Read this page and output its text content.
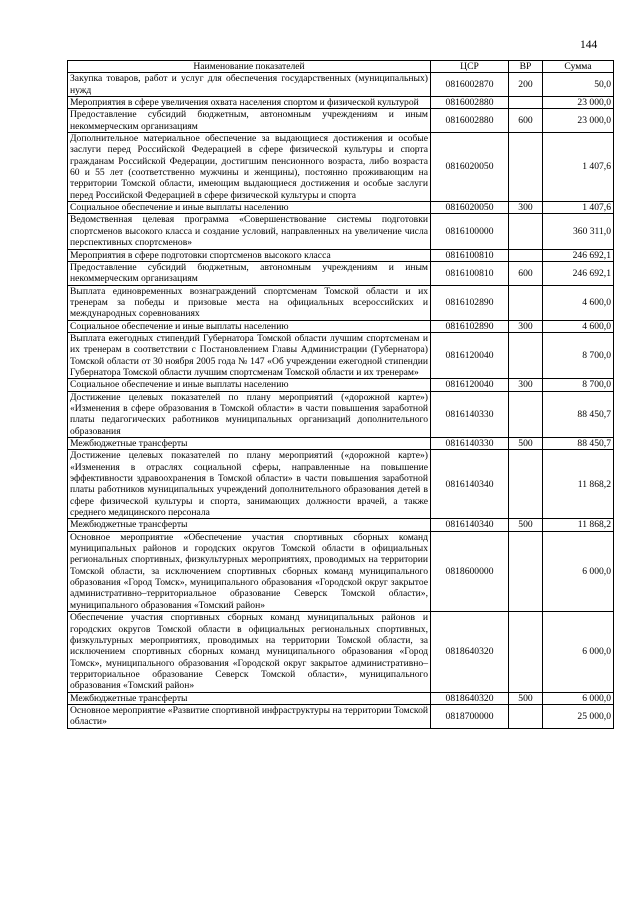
144
Наименование показателей	ЦСР	ВР	Сумма
Закупка товаров, работ и услуг для обеспечения государственных (муниципальных) нужд	0816002870	200	50,0
Мероприятия в сфере увеличения охвата населения спортом и физической культурой	0816002880		23 000,0
Предоставление субсидий бюджетным, автономным учреждениям и иным некоммерческим организациям	0816002880	600	23 000,0
Дополнительное материальное обеспечение за выдающиеся достижения и особые заслуги перед Российской Федерацией в сфере физической культуры и спорта гражданам Российской Федерации, достигшим пенсионного возраста, либо возраста 60 и 55 лет (соответственно мужчины и женщины), постоянно проживающим на территории Томской области, имеющим выдающиеся достижения и особые заслуги перед Российской Федерацией в сфере физической культуры и спорта	0816020050		1 407,6
Социальное обеспечение и иные выплаты населению	0816020050	300	1 407,6
Ведомственная целевая программа «Совершенствование системы подготовки спортсменов высокого класса и создание условий, направленных на увеличение числа перспективных спортсменов»	0816100000		360 311,0
Мероприятия в сфере подготовки спортсменов высокого класса	0816100810		246 692,1
Предоставление субсидий бюджетным, автономным учреждениям и иным некоммерческим организациям	0816100810	600	246 692,1
Выплата единовременных вознаграждений спортсменам Томской области и их тренерам за победы и призовые места на официальных всероссийских и международных соревнованиях	0816102890		4 600,0
Социальное обеспечение и иные выплаты населению	0816102890	300	4 600,0
Выплата ежегодных стипендий Губернатора Томской области лучшим спортсменам и их тренерам в соответствии с Постановлением Главы Администрации (Губернатора) Томской области от 30 ноября 2005 года № 147 «Об учреждении ежегодной стипендии Губернатора Томской области лучшим спортсменам Томской области и их тренерам»	0816120040		8 700,0
Социальное обеспечение и иные выплаты населению	0816120040	300	8 700,0
Достижение целевых показателей по плану мероприятий («дорожной карте») «Изменения в сфере образования в Томской области» в части повышения заработной платы педагогических работников муниципальных организаций дополнительного образования	0816140330		88 450,7
Межбюджетные трансферты	0816140330	500	88 450,7
Достижение целевых показателей по плану мероприятий («дорожной карте») «Изменения в отраслях социальной сферы, направленные на повышение эффективности здравоохранения в Томской области» в части повышения заработной платы работников муниципальных учреждений дополнительного образования детей в сфере физической культуры и спорта, занимающих должности врачей, а также среднего медицинского персонала	0816140340		11 868,2
Межбюджетные трансферты	0816140340	500	11 868,2
Основное мероприятие «Обеспечение участия спортивных сборных команд муниципальных районов и городских округов Томской области в официальных региональных спортивных, физкультурных мероприятиях, проводимых на территории Томской области, за исключением спортивных сборных команд муниципального образования «Город Томск», муниципального образования «Городской округ закрытое административно–территориальное образование Северск Томской области», муниципального образования «Томский район»	0818600000		6 000,0
Обеспечение участия спортивных сборных команд муниципальных районов и городских округов Томской области в официальных региональных спортивных, физкультурных мероприятиях, проводимых на территории Томской области, за исключением спортивных сборных команд муниципального образования «Город Томск», муниципального образования «Городской округ закрытое административно–территориальное образование Северск Томской области», муниципального образования «Томский район»	0818640320		6 000,0
Межбюджетные трансферты	0818640320	500	6 000,0
Основное мероприятие «Развитие спортивной инфраструктуры на территории Томской области»	0818700000		25 000,0
